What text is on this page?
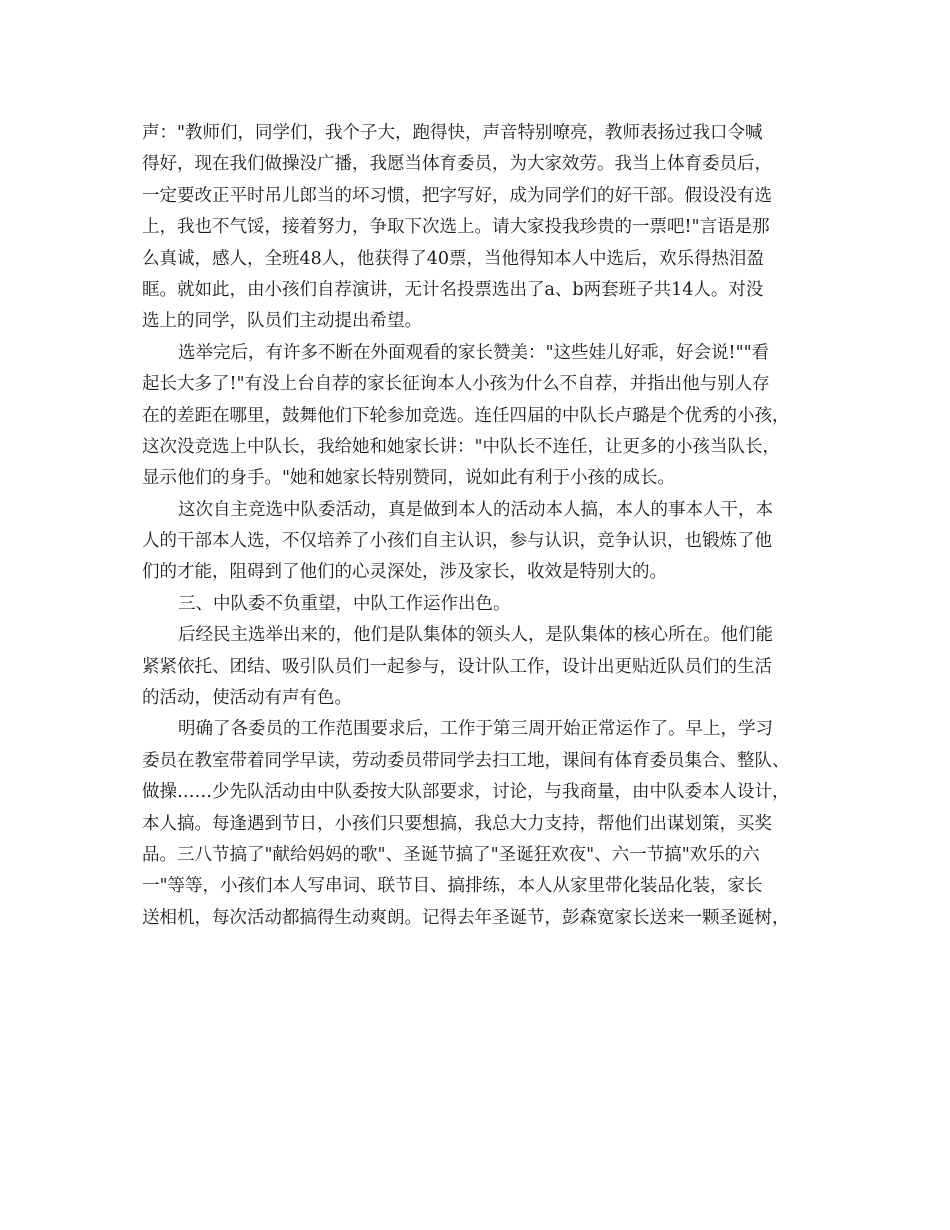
声："教师们，同学们，我个子大，跑得快，声音特别嘹亮，教师表扬过我口令喊
得好，现在我们做操没广播，我愿当体育委员，为大家效劳。我当上体育委员后，
一定要改正平时吊儿郎当的坏习惯，把字写好，成为同学们的好干部。假设没有选
上，我也不气馁，接着努力，争取下次选上。请大家投我珍贵的一票吧!"言语是那
么真诚，感人，全班48人，他获得了40票，当他得知本人中选后，欢乐得热泪盈
眶。就如此，由小孩们自荐演讲，无计名投票选出了a、b两套班子共14人。对没
选上的同学，队员们主动提出希望。
选举完后，有许多不断在外面观看的家长赞美："这些娃儿好乖，好会说!""看
起长大多了!"有没上台自荐的家长征询本人小孩为什么不自荐，并指出他与别人存
在的差距在哪里，鼓舞他们下轮参加竞选。连任四届的中队长卢璐是个优秀的小孩，
这次没竞选上中队长，我给她和她家长讲："中队长不连任，让更多的小孩当队长，
显示他们的身手。"她和她家长特别赞同，说如此有利于小孩的成长。
这次自主竞选中队委活动，真是做到本人的活动本人搞，本人的事本人干，本
人的干部本人选，不仅培养了小孩们自主认识，参与认识，竞争认识，也锻炼了他
们的才能，阻碍到了他们的心灵深处，涉及家长，收效是特别大的。
三、中队委不负重望，中队工作运作出色。
后经民主选举出来的，他们是队集体的领头人，是队集体的核心所在。他们能
紧紧依托、团结、吸引队员们一起参与，设计队工作，设计出更贴近队员们的生活
的活动，使活动有声有色。
明确了各委员的工作范围要求后，工作于第三周开始正常运作了。早上，学习
委员在教室带着同学早读，劳动委员带同学去扫工地，课间有体育委员集合、整队、
做操……少先队活动由中队委按大队部要求，讨论，与我商量，由中队委本人设计，
本人搞。每逢遇到节日，小孩们只要想搞，我总大力支持，帮他们出谋划策，买奖
品。三八节搞了"献给妈妈的歌"、圣诞节搞了"圣诞狂欢夜"、六一节搞"欢乐的六
一"等等，小孩们本人写串词、联节目、搞排练，本人从家里带化装品化装，家长
送相机，每次活动都搞得生动爽朗。记得去年圣诞节，彭森宽家长送来一颗圣诞树，
